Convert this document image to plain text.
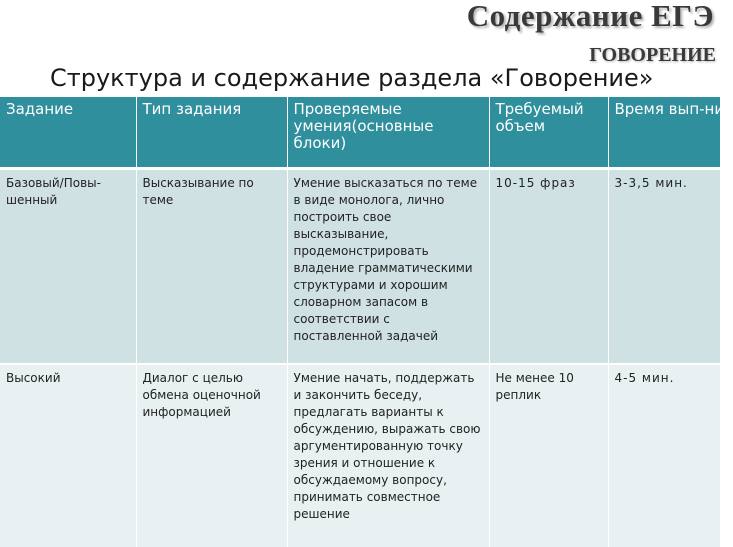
Содержание ЕГЭ
ГОВОРЕНИЕ
Структура и содержание раздела «Говорение»
Задание	Тип задания	Проверяемые умения(основные блоки)	Требуемый объем	Время вып-ния
Базовый/Повы-шенный	Высказывание по теме	Умение высказаться по теме в виде монолога, лично построить свое высказывание, продемонстрировать владение грамматическими структурами и хорошим словарном запасом в соответствии с поставленной задачей	10-15 фраз	3-3,5 мин.
Высокий	Диалог с целью обмена оценочной информацией	Умение начать, поддержать и закончить беседу, предлагать варианты к обсуждению, выражать свою аргументированную точку зрения и отношение к обсуждаемому вопросу, принимать совместное решение	Не менее 10 реплик	4-5 мин.
